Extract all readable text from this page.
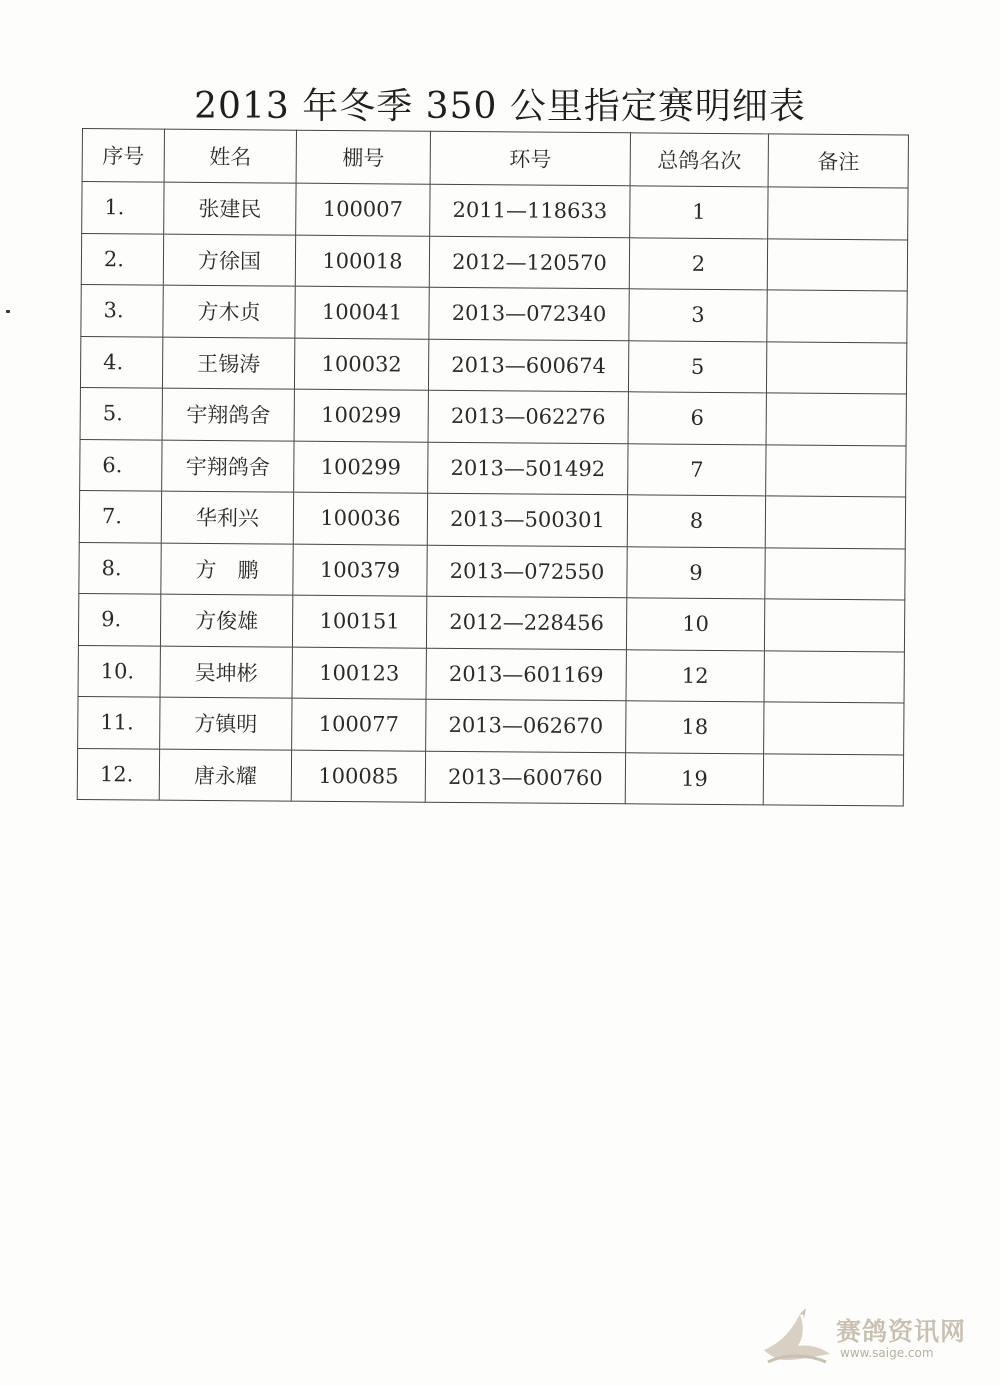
2013 年冬季 350 公里指定赛明细表
序号	姓名	棚号	环号	总鸽名次	备注
1.	张建民	100007	2011—118633	1	
2.	方徐国	100018	2012—120570	2	
3.	方木贞	100041	2013—072340	3	
4.	王锡涛	100032	2013—600674	5	
5.	宇翔鸽舍	100299	2013—062276	6	
6.	宇翔鸽舍	100299	2013—501492	7	
7.	华利兴	100036	2013—500301	8	
8.	方　鹏	100379	2013—072550	9	
9.	方俊雄	100151	2012—228456	10	
10.	吴坤彬	100123	2013—601169	12	
11.	方镇明	100077	2013—062670	18	
12.	唐永耀	100085	2013—600760	19	
赛鸽资讯网
www.saige.com
